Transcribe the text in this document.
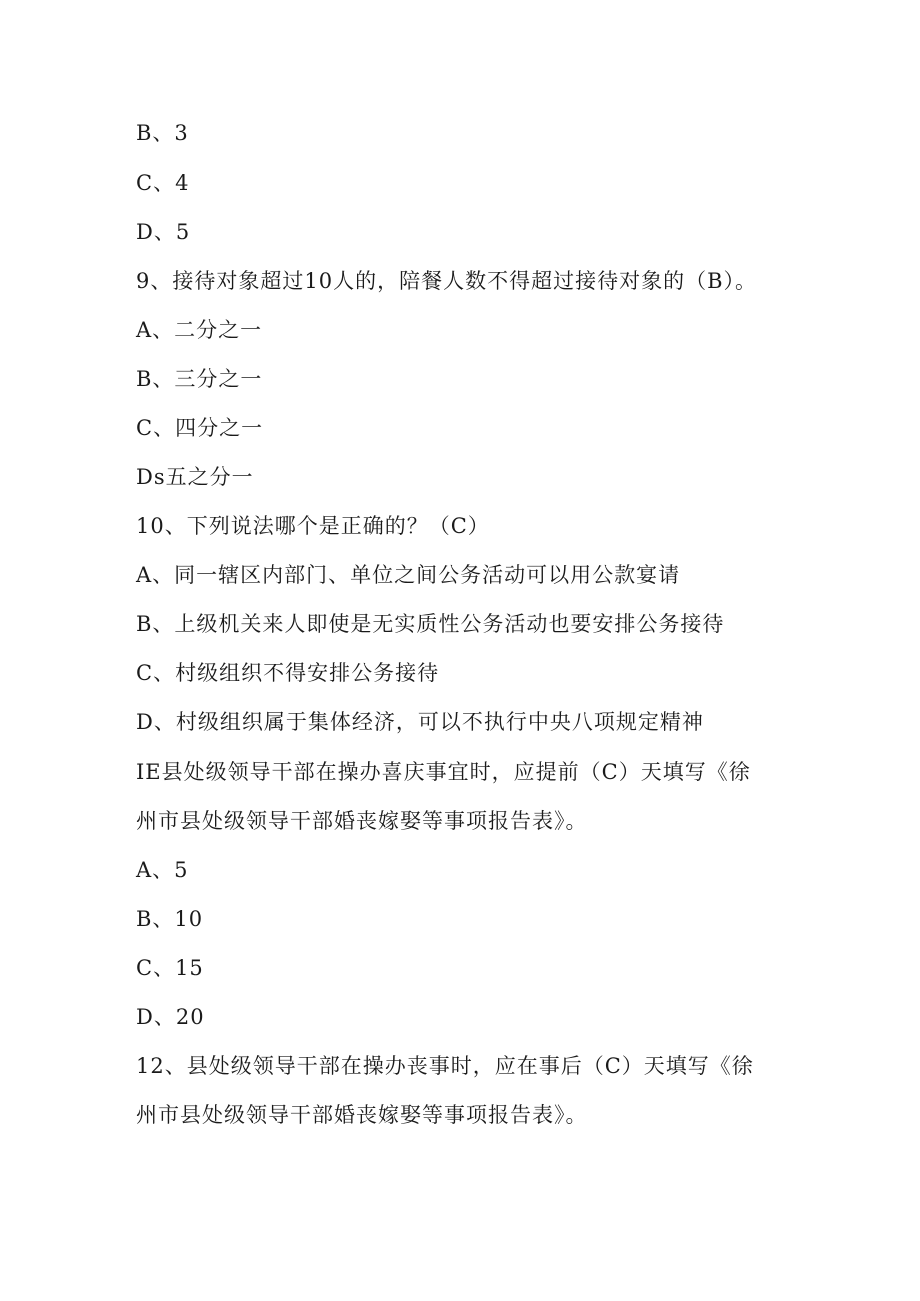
B、3
C、4
D、5
9、接待对象超过10人的，陪餐人数不得超过接待对象的（B）。
A、二分之一
B、三分之一
C、四分之一
Ds五之分一
10、下列说法哪个是正确的？（C）
A、同一辖区内部门、单位之间公务活动可以用公款宴请
B、上级机关来人即使是无实质性公务活动也要安排公务接待
C、村级组织不得安排公务接待
D、村级组织属于集体经济，可以不执行中央八项规定精神
IE县处级领导干部在操办喜庆事宜时，应提前（C）天填写《徐
州市县处级领导干部婚丧嫁娶等事项报告表》。
A、5
B、10
C、15
D、20
12、县处级领导干部在操办丧事时，应在事后（C）天填写《徐
州市县处级领导干部婚丧嫁娶等事项报告表》。
